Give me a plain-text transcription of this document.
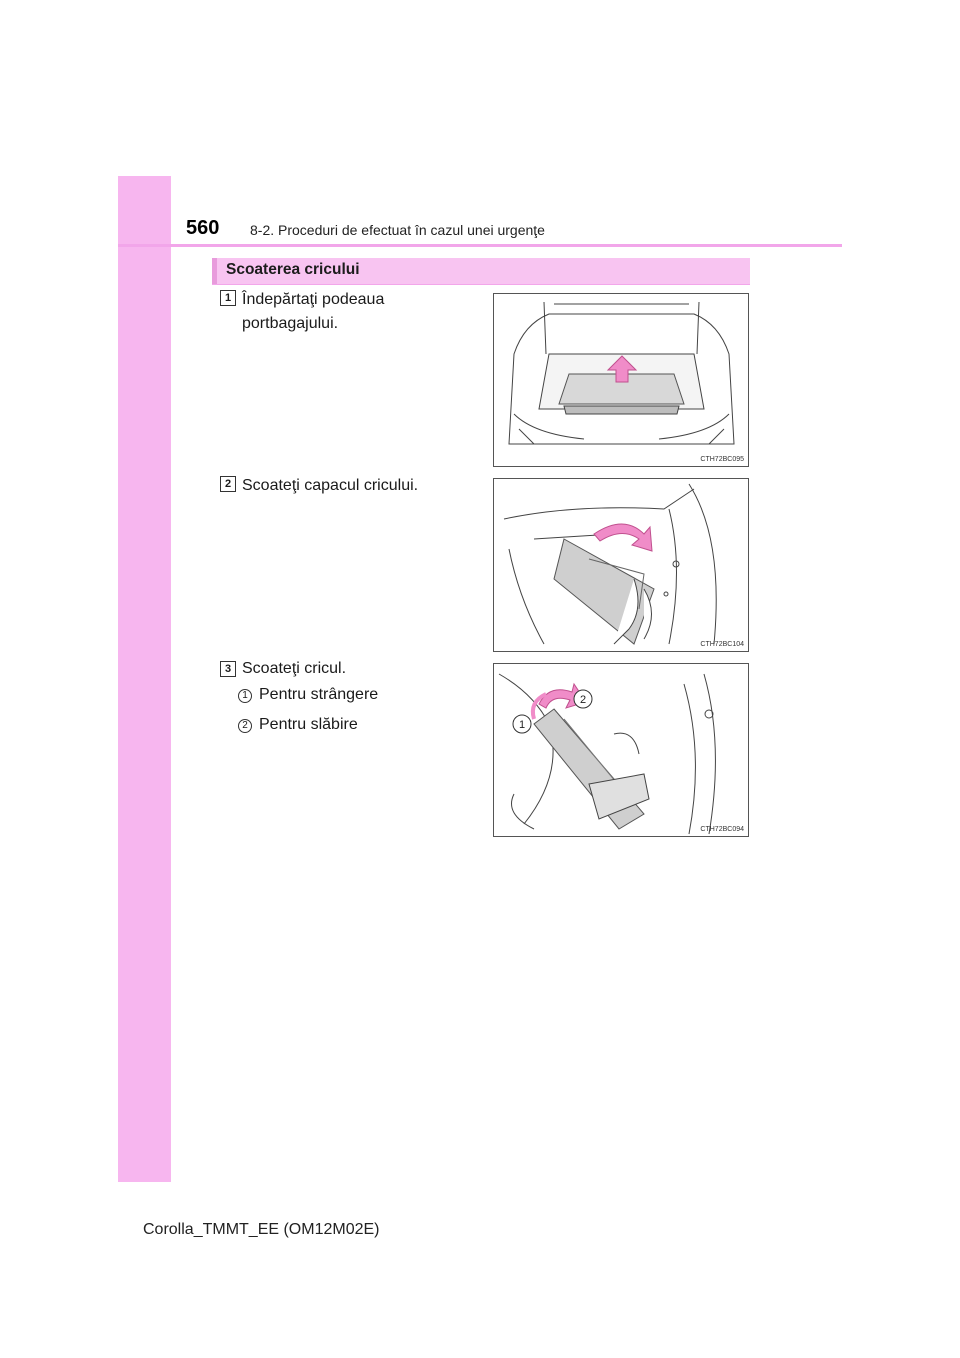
560 8-2. Proceduri de efectuat în cazul unei urgenţe
Scoaterea cricului
1 Îndepărtaţi podeaua portbagajului.
CTH72BC095
2 Scoateţi capacul cricului.
CTH72BC104
3 Scoateţi cricul.
1 Pentru strângere
2 Pentru slăbire	1
2
CTH72BC094
Corolla_TMMT_EE (OM12M02E)
